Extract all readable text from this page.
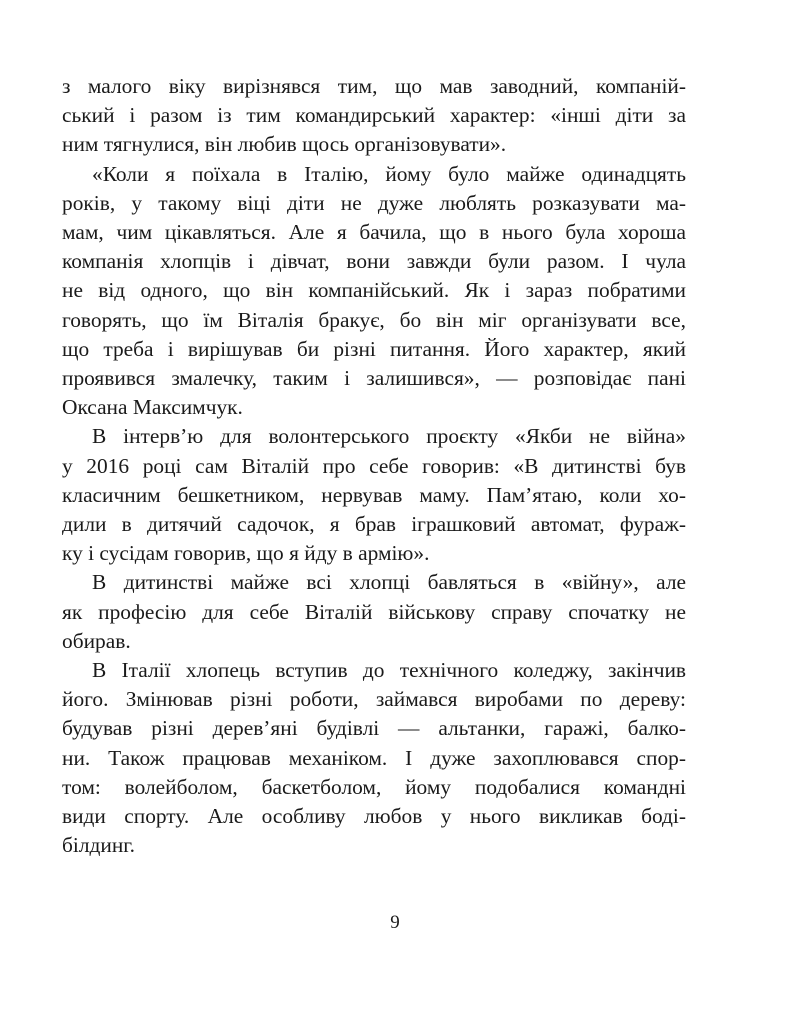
з малого віку вирізнявся тим, що мав заводний, компаній-
ський і разом із тим командирський характер: «інші діти за
ним тягнулися, він любив щось організовувати».

«Коли я поїхала в Італію, йому було майже одинадцять
років, у такому віці діти не дуже люблять розказувати ма-
мам, чим цікавляться. Але я бачила, що в нього була хороша
компанія хлопців і дівчат, вони завжди були разом. І чула
не від одного, що він компанійський. Як і зараз побратими
говорять, що їм Віталія бракує, бо він міг організувати все,
що треба і вирішував би різні питання. Його характер, який
проявився змалечку, таким і залишився», — розповідає пані
Оксана Максимчук.

В інтерв’ю для волонтерського проєкту «Якби не війна»
у 2016 році сам Віталій про себе говорив: «В дитинстві був
класичним бешкетником, нервував маму. Пам’ятаю, коли хо-
дили в дитячий садочок, я брав іграшковий автомат, фураж-
ку і сусідам говорив, що я йду в армію».

В дитинстві майже всі хлопці бавляться в «війну», але
як професію для себе Віталій військову справу спочатку не
обирав.

В Італії хлопець вступив до технічного коледжу, закінчив
його. Змінював різні роботи, займався виробами по дереву:
будував різні дерев’яні будівлі — альтанки, гаражі, балко-
ни. Також працював механіком. І дуже захоплювався спор-
том: волейболом, баскетболом, йому подобалися командні
види спорту. Але особливу любов у нього викликав боді-
білдинг.

9
